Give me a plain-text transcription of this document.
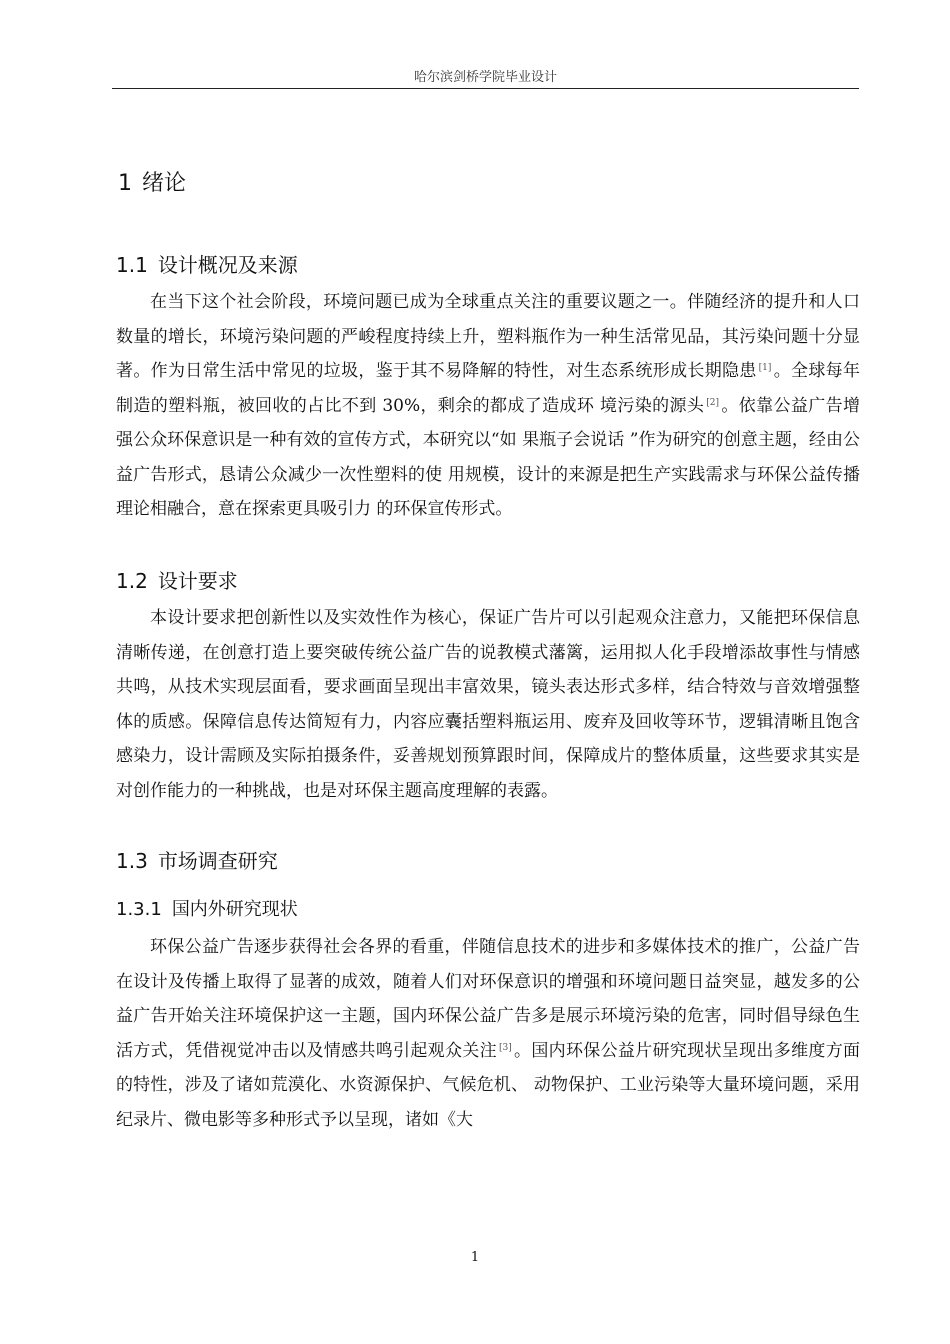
哈尔滨剑桥学院毕业设计
1 绪论
1.1 设计概况及来源

在当下这个社会阶段，环境问题已成为全球重点关注的重要议题之一。伴随经济的提升和人口数量的增长，环境污染问题的严峻程度持续上升，塑料瓶作为一种生活常见品，其污染问题十分显著。作为日常生活中常见的垃圾，鉴于其不易降解的特性，对生态系统形成长期隐患 [1] 。全球每年制造的塑料瓶，被回收的占比不到 30%，剩余的都成了造成环 境污染的源头 [2] 。依靠公益广告增强公众环保意识是一种有效的宣传方式，本研究以“如 果瓶子会说话 ”作为研究的创意主题，经由公益广告形式，恳请公众减少一次性塑料的使 用规模，设计的来源是把生产实践需求与环保公益传播理论相融合，意在探索更具吸引力 的环保宣传形式。

1.2 设计要求

本设计要求把创新性以及实效性作为核心，保证广告片可以引起观众注意力，又能把环保信息清晰传递，在创意打造上要突破传统公益广告的说教模式藩篱，运用拟人化手段增添故事性与情感共鸣，从技术实现层面看，要求画面呈现出丰富效果，镜头表达形式多样，结合特效与音效增强整体的质感。保障信息传达简短有力，内容应囊括塑料瓶运用、废弃及回收等环节，逻辑清晰且饱含感染力，设计需顾及实际拍摄条件，妥善规划预算跟时间，保障成片的整体质量，这些要求其实是对创作能力的一种挑战，也是对环保主题高度理解的表露。

1.3 市场调查研究
1.3.1 国内外研究现状

环保公益广告逐步获得社会各界的看重，伴随信息技术的进步和多媒体技术的推广，公益广告在设计及传播上取得了显著的成效，随着人们对环保意识的增强和环境问题日益突显，越发多的公益广告开始关注环境保护这一主题，国内环保公益广告多是展示环境污染的危害，同时倡导绿色生活方式，凭借视觉冲击以及情感共鸣引起观众关注 [3] 。国内环保公益片研究现状呈现出多维度方面的特性，涉及了诸如荒漠化、水资源保护、气候危机、 动物保护、工业污染等大量环境问题，采用纪录片、微电影等多种形式予以呈现，诸如《大

1
